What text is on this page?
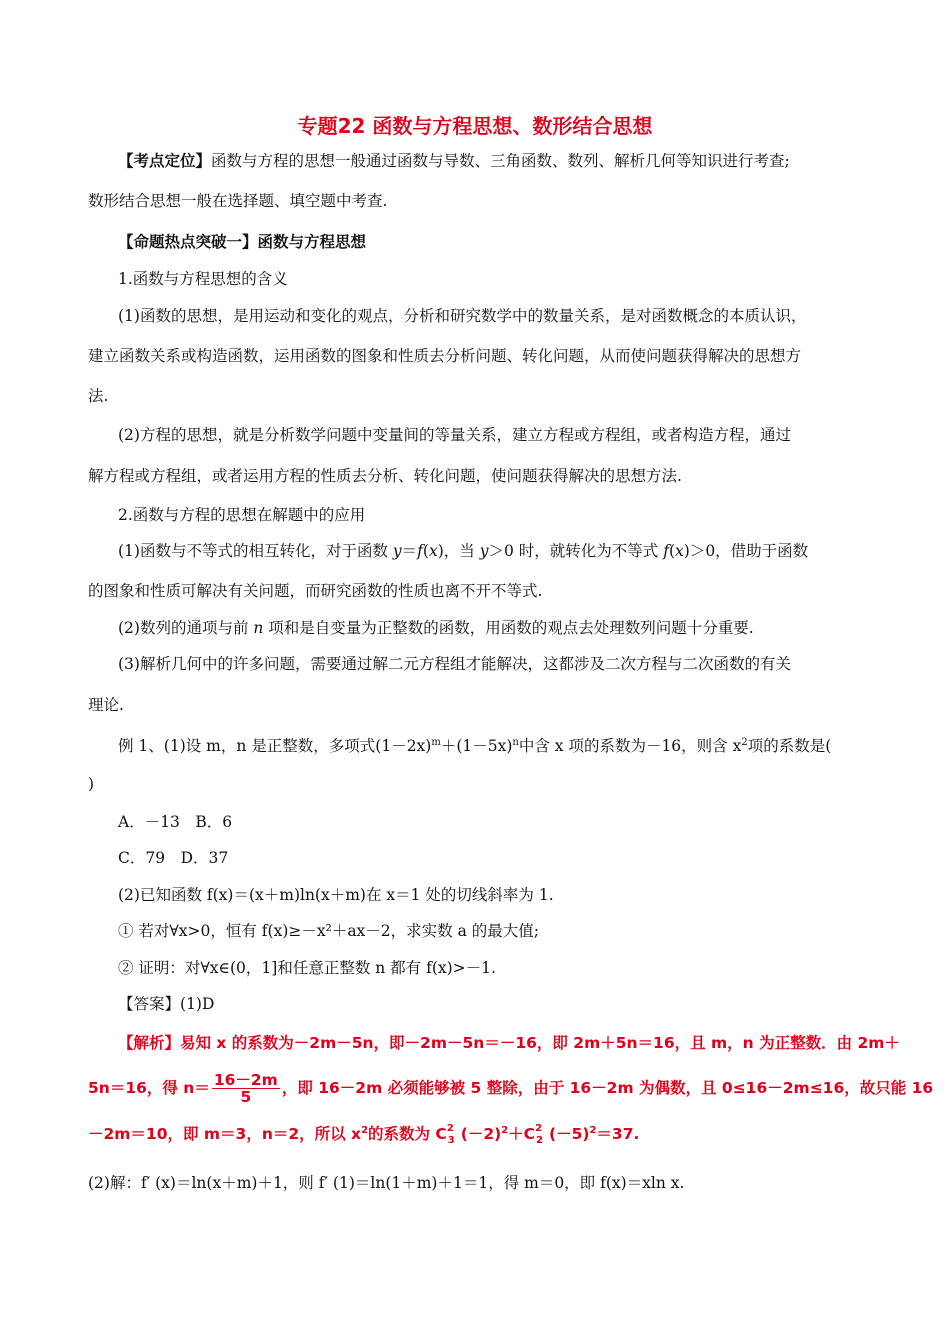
专题22 函数与方程思想、数形结合思想
【考点定位】函数与方程的思想一般通过函数与导数、三角函数、数列、解析几何等知识进行考查;
数形结合思想一般在选择题、填空题中考查.
【命题热点突破一】函数与方程思想
1.函数与方程思想的含义
(1)函数的思想，是用运动和变化的观点，分析和研究数学中的数量关系，是对函数概念的本质认识，
建立函数关系或构造函数，运用函数的图象和性质去分析问题、转化问题，从而使问题获得解决的思想方
法.
(2)方程的思想，就是分析数学问题中变量间的等量关系，建立方程或方程组，或者构造方程，通过
解方程或方程组，或者运用方程的性质去分析、转化问题，使问题获得解决的思想方法.
2.函数与方程的思想在解题中的应用
(1)函数与不等式的相互转化，对于函数 y＝f(x)，当 y＞0 时，就转化为不等式 f(x)＞0，借助于函数
的图象和性质可解决有关问题，而研究函数的性质也离不开不等式.
(2)数列的通项与前 n 项和是自变量为正整数的函数，用函数的观点去处理数列问题十分重要.
(3)解析几何中的许多问题，需要通过解二元方程组才能解决，这都涉及二次方程与二次函数的有关
理论.
例 1、(1)设 m，n 是正整数，多项式$(1-2x)^m+(1-5x)^n$中含 x 项的系数为－16，则含 $x^2$项的系数是(
)
A．－13　B．6
C．79　D．37
(2)已知函数 f(x)＝(x＋m)ln(x＋m)在 x＝1 处的切线斜率为 1.
① 若对∀x>0，恒有 f(x)≥－x²＋ax－2，求实数 a 的最大值;
② 证明：对∀x∈(0，1]和任意正整数 n 都有 f(x)>－1.
【答案】(1)D
【解析】易知 x 的系数为－2m－5n，即－2m－5n＝－16，即 2m＋5n＝16，且 m，n 为正整数．由 2m＋
5n＝16，得 $n= \frac{16-2m}{5}$ ，即 16－2m 必须能够被 5 整除，由于 16－2m 为偶数，且 0≤16－2m≤16，故只能 16
－2m＝10，即 m＝3，n＝2，所以 $x^2$的系数为 $C^2_3$ $(-2)^2+C^2_2$ $(-5)^2=37$.
(2)解：f′ (x)＝ln(x＋m)＋1，则 f′ (1)＝ln(1＋m)＋1＝1，得 m＝0，即 f(x)＝xln x.
